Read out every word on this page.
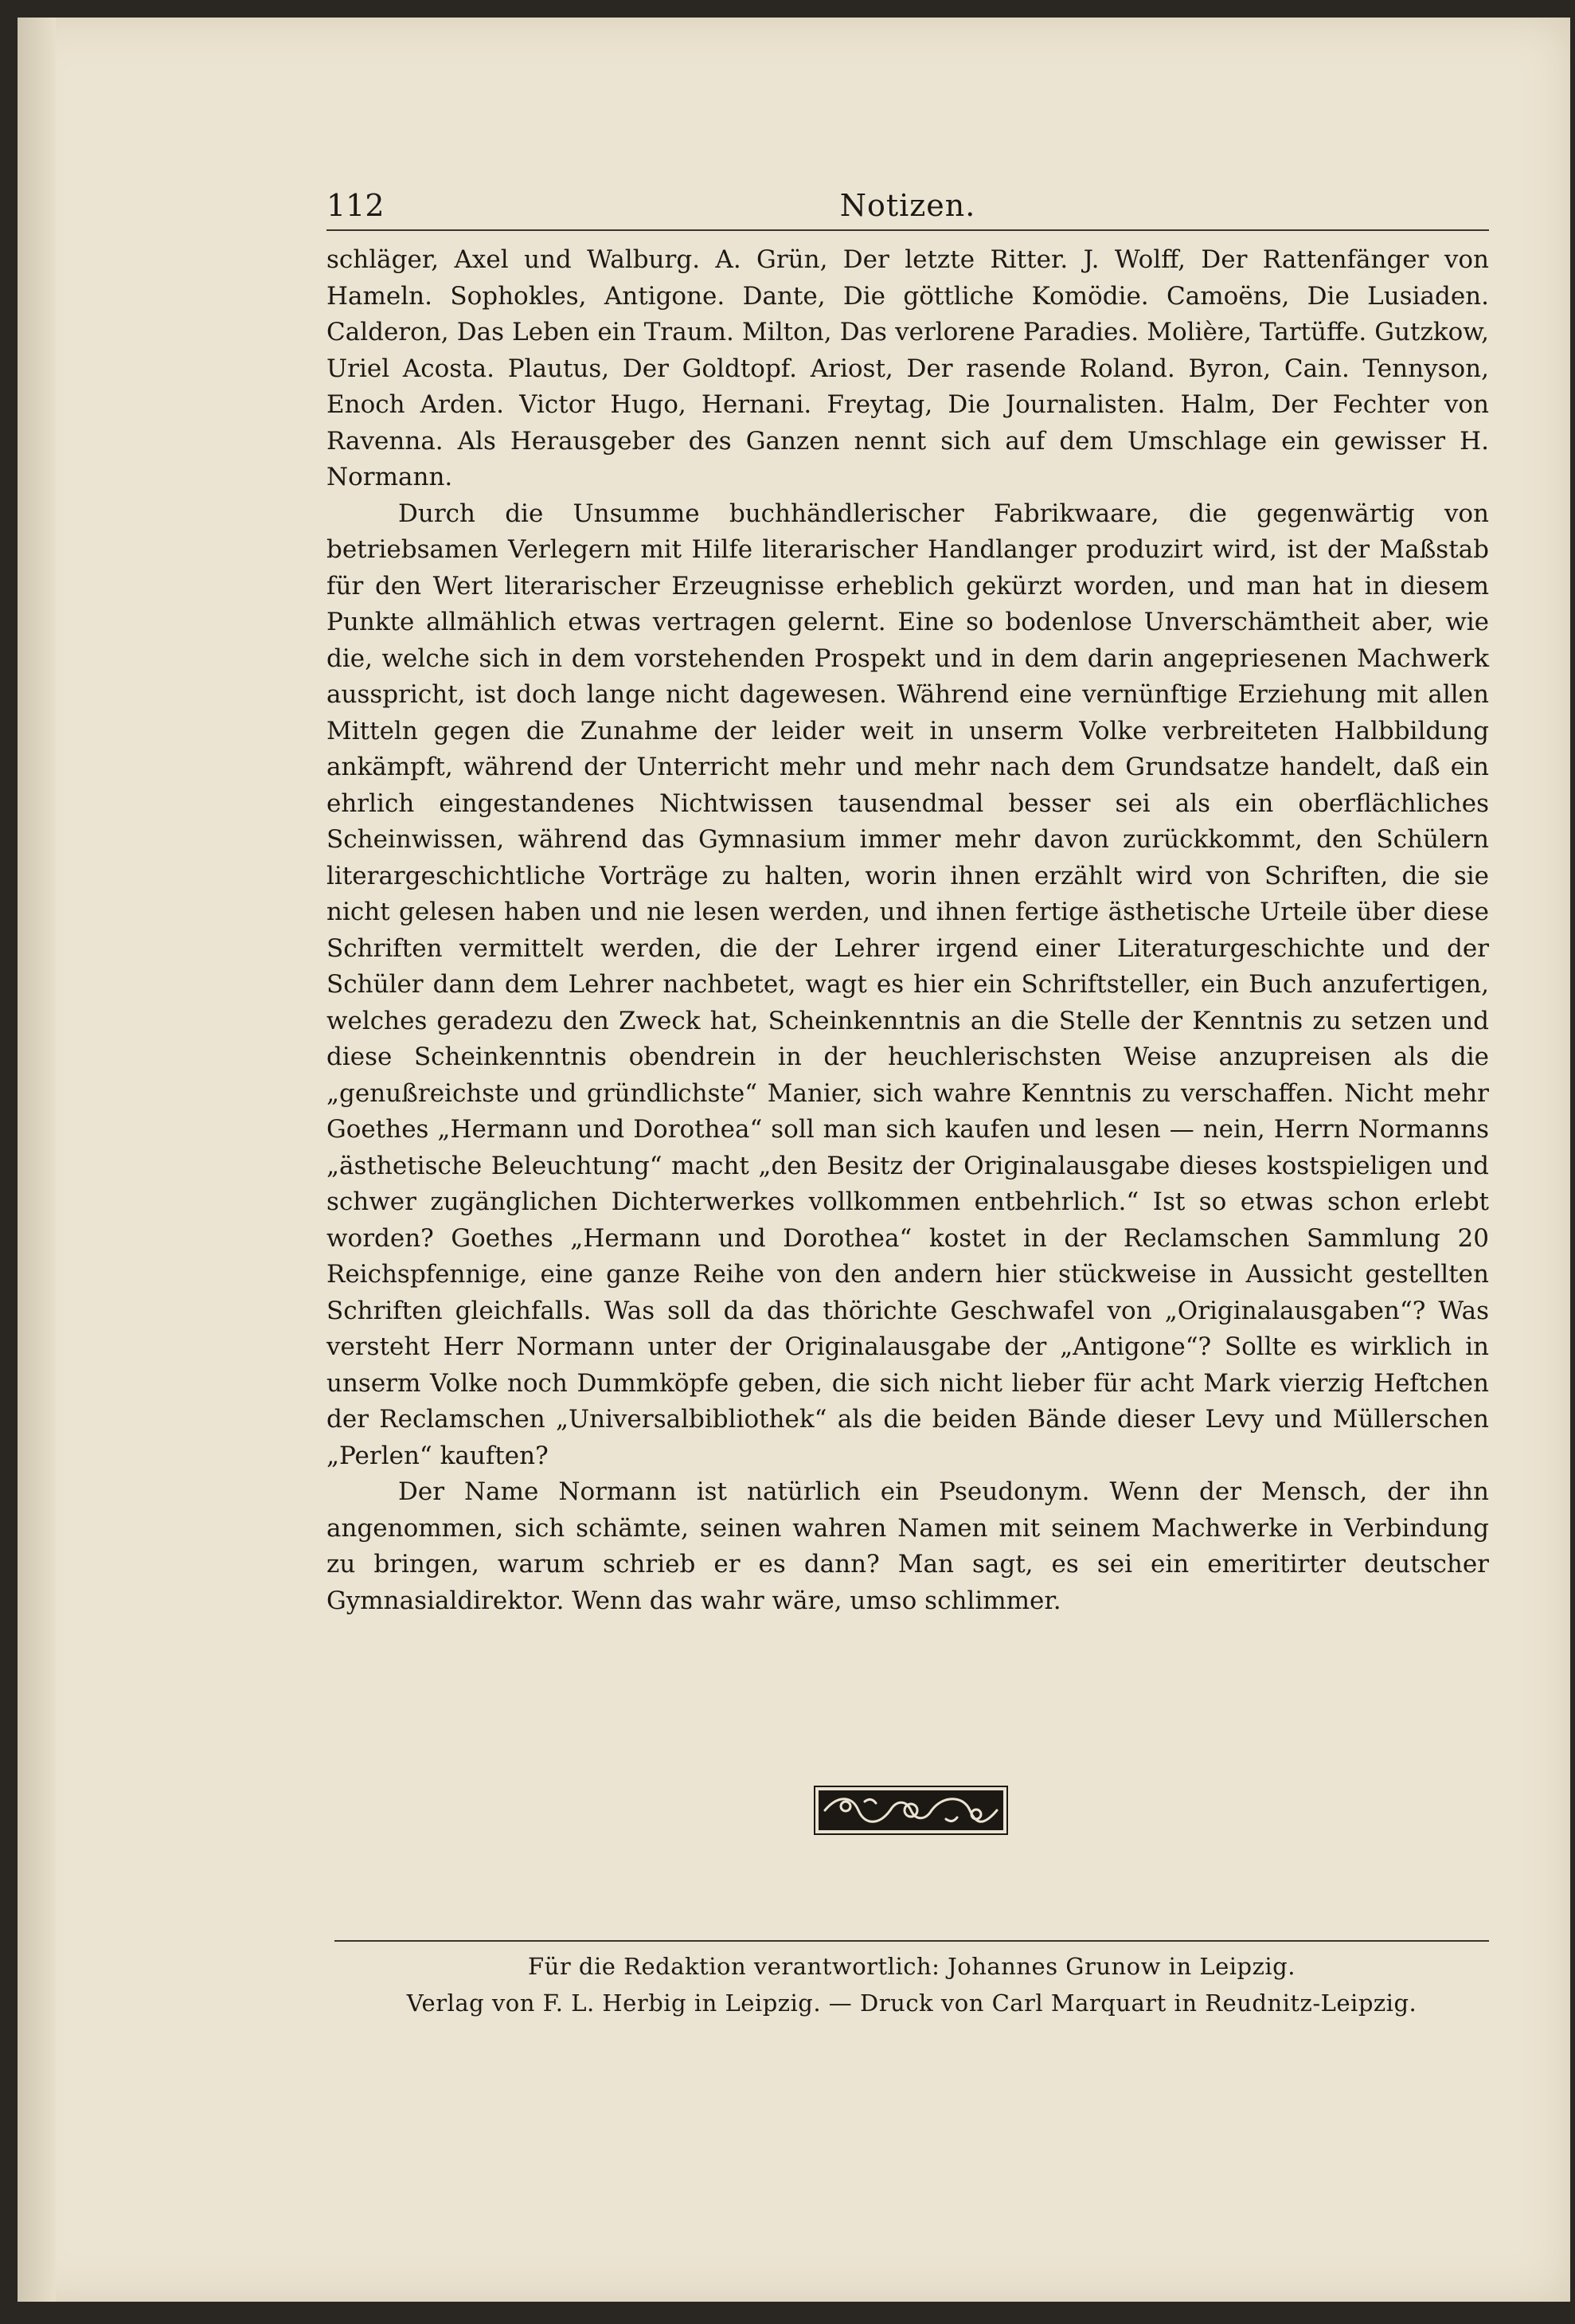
112	Notizen.

schläger, Axel und Walburg. A. Grün, Der letzte Ritter. J. Wolff, Der Rattenfänger von Hameln. Sophokles, Antigone. Dante, Die göttliche Komödie. Camoëns, Die Lusiaden. Calderon, Das Leben ein Traum. Milton, Das verlorene Paradies. Molière, Tartüffe. Gutzkow, Uriel Acosta. Plautus, Der Goldtopf. Ariost, Der rasende Roland. Byron, Cain. Tennyson, Enoch Arden. Victor Hugo, Hernani. Freytag, Die Journalisten. Halm, Der Fechter von Ravenna. Als Herausgeber des Ganzen nennt sich auf dem Umschlage ein gewisser H. Normann.

Durch die Unsumme buchhändlerischer Fabrikwaare, die gegenwärtig von betriebsamen Verlegern mit Hilfe literarischer Handlanger produzirt wird, ist der Maßstab für den Wert literarischer Erzeugnisse erheblich gekürzt worden, und man hat in diesem Punkte allmählich etwas vertragen gelernt. Eine so bodenlose Unverschämtheit aber, wie die, welche sich in dem vorstehenden Prospekt und in dem darin angepriesenen Machwerk ausspricht, ist doch lange nicht dagewesen. Während eine vernünftige Erziehung mit allen Mitteln gegen die Zunahme der leider weit in unserm Volke verbreiteten Halbbildung ankämpft, während der Unterricht mehr und mehr nach dem Grundsatze handelt, daß ein ehrlich eingestandenes Nichtwissen tausendmal besser sei als ein oberflächliches Scheinwissen, während das Gymnasium immer mehr davon zurückkommt, den Schülern literargeschichtliche Vorträge zu halten, worin ihnen erzählt wird von Schriften, die sie nicht gelesen haben und nie lesen werden, und ihnen fertige ästhetische Urteile über diese Schriften vermittelt werden, die der Lehrer irgend einer Literaturgeschichte und der Schüler dann dem Lehrer nachbetet, wagt es hier ein Schriftsteller, ein Buch anzufertigen, welches geradezu den Zweck hat, Scheinkenntnis an die Stelle der Kenntnis zu setzen und diese Scheinkenntnis obendrein in der heuchlerischsten Weise anzupreisen als die „genußreichste und gründlichste“ Manier, sich wahre Kenntnis zu verschaffen. Nicht mehr Goethes „Hermann und Dorothea“ soll man sich kaufen und lesen — nein, Herrn Normanns „ästhetische Beleuchtung“ macht „den Besitz der Originalausgabe dieses kostspieligen und schwer zugänglichen Dichterwerkes vollkommen entbehrlich.“ Ist so etwas schon erlebt worden? Goethes „Hermann und Dorothea“ kostet in der Reclamschen Sammlung 20 Reichspfennige, eine ganze Reihe von den andern hier stückweise in Aussicht gestellten Schriften gleichfalls. Was soll da das thörichte Geschwafel von „Originalausgaben“? Was versteht Herr Normann unter der Originalausgabe der „Antigone“? Sollte es wirklich in unserm Volke noch Dummköpfe geben, die sich nicht lieber für acht Mark vierzig Heftchen der Reclamschen „Universalbibliothek“ als die beiden Bände dieser Levy und Müllerschen „Perlen“ kauften?

Der Name Normann ist natürlich ein Pseudonym. Wenn der Mensch, der ihn angenommen, sich schämte, seinen wahren Namen mit seinem Machwerke in Verbindung zu bringen, warum schrieb er es dann? Man sagt, es sei ein emeritirter deutscher Gymnasialdirektor. Wenn das wahr wäre, umso schlimmer.

Für die Redaktion verantwortlich: Johannes Grunow in Leipzig.
Verlag von F. L. Herbig in Leipzig. — Druck von Carl Marquart in Reudnitz-Leipzig.
